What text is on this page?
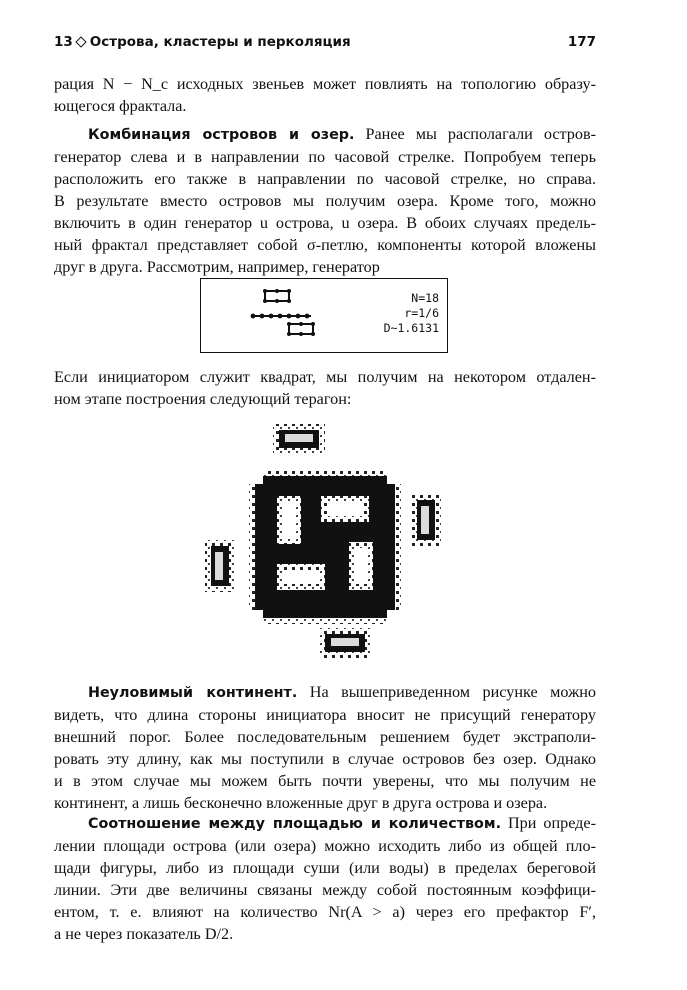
13 Острова, кластеры и перколяция	177
рация N − N_c исходных звеньев может повлиять на топологию образу-
ющегося фрактала.
Комбинация островов и озер. Ранее мы располагали остров-
генератор слева и в направлении по часовой стрелке. Попробуем теперь
расположить его также в направлении по часовой стрелке, но справа.
В результате вместо островов мы получим озера. Кроме того, можно
включить в один генератор u острова, u озера. В обоих случаях предель-
ный фрактал представляет собой σ-петлю, компоненты которой вложены
друг в друга. Рассмотрим, например, генератор
N=18
r=1/6
D~1.6131
Если инициатором служит квадрат, мы получим на некотором отдален-
ном этапе построения следующий терагон:
Неуловимый континент. На вышеприведенном рисунке можно
видеть, что длина стороны инициатора вносит не присущий генератору
внешний порог. Более последовательным решением будет экстраполи-
ровать эту длину, как мы поступили в случае островов без озер. Однако
и в этом случае мы можем быть почти уверены, что мы получим не
континент, а лишь бесконечно вложенные друг в друга острова и озера.
Соотношение между площадью и количеством. При опреде-
лении площади острова (или озера) можно исходить либо из общей пло-
щади фигуры, либо из площади суши (или воды) в пределах береговой
линии. Эти две величины связаны между собой постоянным коэффици-
ентом, т. е. влияют на количество Nr(A > a) через его префактор F′,
а не через показатель D/2.
